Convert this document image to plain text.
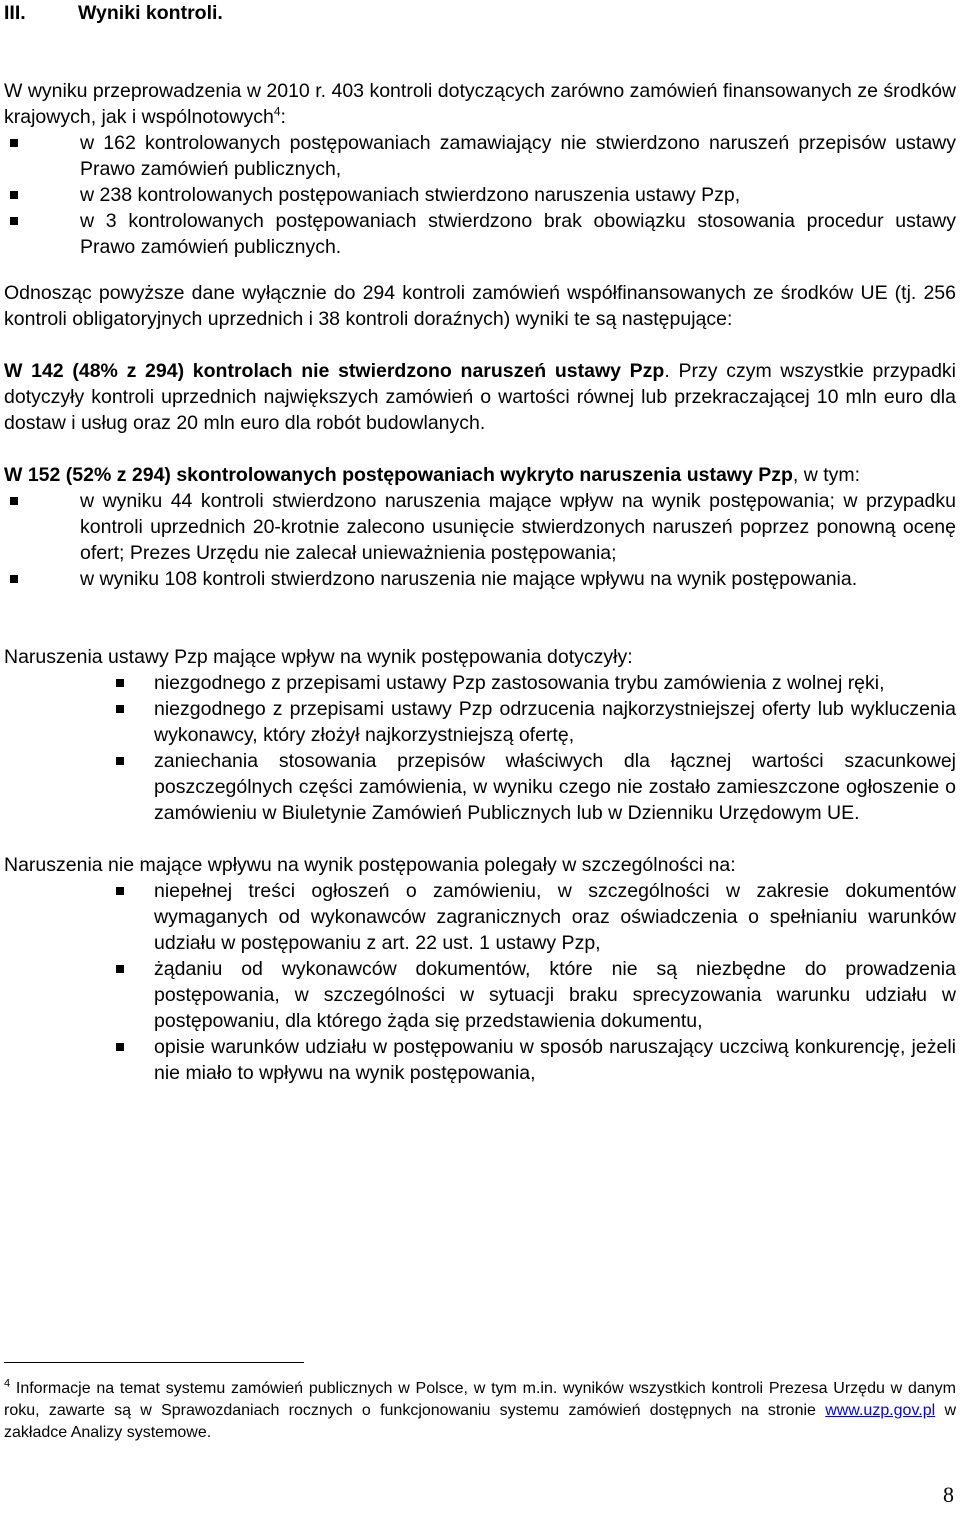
III.	Wyniki kontroli.

W wyniku przeprowadzenia w 2010 r. 403 kontroli dotyczących zarówno zamówień finansowanych ze środków krajowych, jak i wspólnotowych$^4$:

w 162 kontrolowanych postępowaniach zamawiający nie stwierdzono naruszeń przepisów ustawy Prawo zamówień publicznych,
w 238 kontrolowanych postępowaniach stwierdzono naruszenia ustawy Pzp,
w 3 kontrolowanych postępowaniach stwierdzono brak obowiązku stosowania procedur ustawy Prawo zamówień publicznych.

Odnosząc powyższe dane wyłącznie do 294 kontroli zamówień współfinansowanych ze środków UE (tj. 256 kontroli obligatoryjnych uprzednich i 38 kontroli doraźnych) wyniki te są następujące:

W 142 (48% z 294) kontrolach nie stwierdzono naruszeń ustawy Pzp. Przy czym wszystkie przypadki dotyczyły kontroli uprzednich największych zamówień o wartości równej lub przekraczającej 10 mln euro dla dostaw i usług oraz 20 mln euro dla robót budowlanych.

W 152 (52% z 294) skontrolowanych postępowaniach wykryto naruszenia ustawy Pzp, w tym:

w wyniku 44 kontroli stwierdzono naruszenia mające wpływ na wynik postępowania; w przypadku kontroli uprzednich 20-krotnie zalecono usunięcie stwierdzonych naruszeń poprzez ponowną ocenę ofert; Prezes Urzędu nie zalecał unieważnienia postępowania;
w wyniku 108 kontroli stwierdzono naruszenia nie mające wpływu na wynik postępowania.

Naruszenia ustawy Pzp mające wpływ na wynik postępowania dotyczyły:

niezgodnego z przepisami ustawy Pzp zastosowania trybu zamówienia z wolnej ręki,
niezgodnego z przepisami ustawy Pzp odrzucenia najkorzystniejszej oferty lub wykluczenia wykonawcy, który złożył najkorzystniejszą ofertę,
zaniechania stosowania przepisów właściwych dla łącznej wartości szacunkowej poszczególnych części zamówienia, w wyniku czego nie zostało zamieszczone ogłoszenie o zamówieniu w Biuletynie Zamówień Publicznych lub w Dzienniku Urzędowym UE.

Naruszenia nie mające wpływu na wynik postępowania polegały w szczególności na:

niepełnej treści ogłoszeń o zamówieniu, w szczególności w zakresie dokumentów wymaganych od wykonawców zagranicznych oraz oświadczenia o spełnianiu warunków udziału w postępowaniu z art. 22 ust. 1 ustawy Pzp,
żądaniu od wykonawców dokumentów, które nie są niezbędne do prowadzenia postępowania, w szczególności w sytuacji braku sprecyzowania warunku udziału w postępowaniu, dla którego żąda się przedstawienia dokumentu,
opisie warunków udziału w postępowaniu w sposób naruszający uczciwą konkurencję, jeżeli nie miało to wpływu na wynik postępowania,
$^4$ Informacje na temat systemu zamówień publicznych w Polsce, w tym m.in. wyników wszystkich kontroli Prezesa Urzędu w danym roku, zawarte są w Sprawozdaniach rocznych o funkcjonowaniu systemu zamówień dostępnych na stronie www.uzp.gov.pl w zakładce Analizy systemowe.
8
